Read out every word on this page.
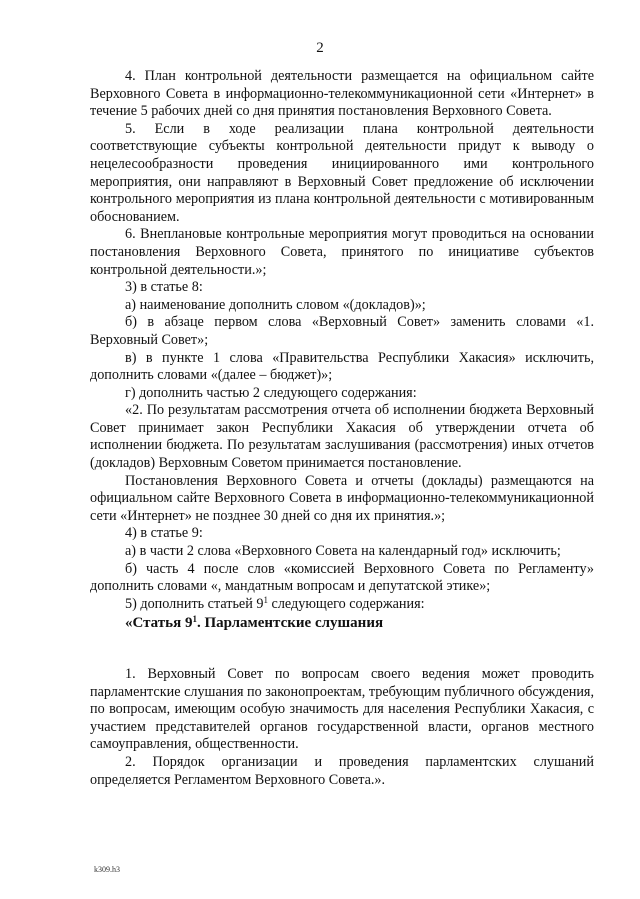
2

4. План контрольной деятельности размещается на официальном сайте Верховного Совета в информационно-телекоммуникационной сети «Интернет» в течение 5 рабочих дней со дня принятия постановления Верховного Совета.

5. Если в ходе реализации плана контрольной деятельности соответствующие субъекты контрольной деятельности придут к выводу о нецелесообразности проведения инициированного ими контрольного мероприятия, они направляют в Верховный Совет предложение об исключении контрольного мероприятия из плана контрольной деятельности с мотивированным обоснованием.

6. Внеплановые контрольные мероприятия могут проводиться на основании постановления Верховного Совета, принятого по инициативе субъектов контрольной деятельности.»;

3) в статье 8:

а) наименование дополнить словом «(докладов)»;

б) в абзаце первом слова «Верховный Совет» заменить словами «1. Верховный Совет»;

в) в пункте 1 слова «Правительства Республики Хакасия» исключить, дополнить словами «(далее – бюджет)»;

г) дополнить частью 2 следующего содержания:

«2. По результатам рассмотрения отчета об исполнении бюджета Верховный Совет принимает закон Республики Хакасия об утверждении отчета об исполнении бюджета. По результатам заслушивания (рассмотрения) иных отчетов (докладов) Верховным Советом принимается постановление.

Постановления Верховного Совета и отчеты (доклады) размещаются на официальном сайте Верховного Совета в информационно-телекоммуникационной сети «Интернет» не позднее 30 дней со дня их принятия.»;

4) в статье 9:

а) в части 2 слова «Верховного Совета на календарный год» исключить;

б) часть 4 после слов «комиссией Верховного Совета по Регламенту» дополнить словами «, мандатным вопросам и депутатской этике»;

5) дополнить статьей $9^1$ следующего содержания:

«Статья $9^1$. Парламентские слушания

1. Верховный Совет по вопросам своего ведения может проводить парламентские слушания по законопроектам, требующим публичного обсуждения, по вопросам, имеющим особую значимость для населения Республики Хакасия, с участием представителей органов государственной власти, органов местного самоуправления, общественности.

2. Порядок организации и проведения парламентских слушаний определяется Регламентом Верховного Совета.».

k309.h3
